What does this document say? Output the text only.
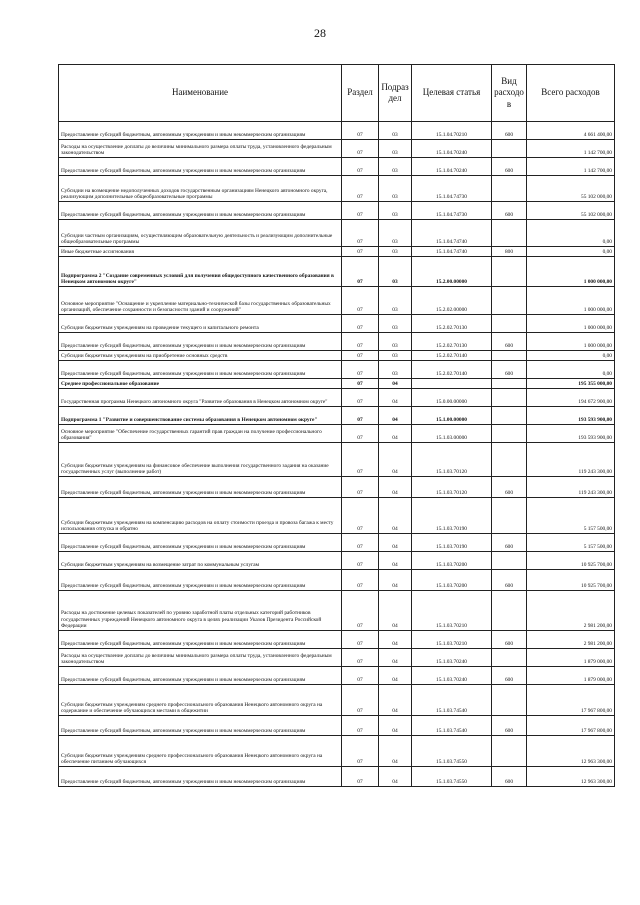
28
Наименование	Раздел	Подраз дел	Целевая статья	Вид расходо в	Всего расходов
Предоставление субсидий бюджетным, автономным учреждениям и иным некоммерческим организациям	07	03	15.1.04.70210	600	4 661 400,00
Расходы на осуществление доплаты до величины минимального размера оплаты труда, установленного федеральным законодательством	07	03	15.1.04.70240		1 142 700,00
Предоставление субсидий бюджетным, автономным учреждениям и иным некоммерческим организациям	07	03	15.1.04.70240	600	1 142 700,00
Субсидии на возмещение недополученных доходов государственным организациям Ненецкого автономного округа, реализующим дополнительные общеобразовательные программы	07	03	15.1.04.74730		55 102 000,00
Предоставление субсидий бюджетным, автономным учреждениям и иным некоммерческим организациям	07	03	15.1.04.74730	600	55 102 000,00
Субсидии частным организациям, осуществляющим образовательную деятельность и реализующим дополнительные общеобразовательные программы	07	03	15.1.04.74740		0,00
Иные бюджетные ассигнования	07	03	15.1.04.74740	800	0,00
Подпрограмма 2 "Создание современных условий для получения общедоступного качественного образования в Ненецком автономном округе"	07	03	15.2.00.00000		1 000 000,00
Основное мероприятие "Оснащение и укрепление материально-технической базы государственных образовательных организаций, обеспечение сохранности и безопасности зданий и сооружений"	07	03	15.2.02.00000		1 000 000,00
Субсидии бюджетным учреждениям на проведение текущего и капитального ремонта	07	03	15.2.02.70130		1 000 000,00
Предоставление субсидий бюджетным, автономным учреждениям и иным некоммерческим организациям	07	03	15.2.02.70130	600	1 000 000,00
Субсидии бюджетным учреждениям на приобретение основных средств	07	03	15.2.02.70140		0,00
Предоставление субсидий бюджетным, автономным учреждениям и иным некоммерческим организациям	07	03	15.2.02.70140	600	0,00
Среднее профессиональное образование	07	04			195 355 000,00
Государственная программа Ненецкого автономного округа "Развитие образования в Ненецком автономном округе"	07	04	15.0.00.00000		194 672 900,00
Подпрограмма 1 "Развитие и совершенствование системы образования в Ненецком автономном округе"	07	04	15.1.00.00000		193 593 900,00
Основное мероприятие "Обеспечение государственных гарантий прав граждан на получение профессионального образования"	07	04	15.1.03.00000		193 593 900,00
Субсидии бюджетным учреждениям на финансовое обеспечение выполнения государственного задания на оказание государственных услуг (выполнение работ)	07	04	15.1.03.70120		119 243 300,00
Предоставление субсидий бюджетным, автономным учреждениям и иным некоммерческим организациям	07	04	15.1.03.70120	600	119 243 300,00
Субсидии бюджетным учреждениям на компенсацию расходов на оплату стоимости проезда и провоза багажа к месту использования отпуска и обратно	07	04	15.1.03.70190		5 157 500,00
Предоставление субсидий бюджетным, автономным учреждениям и иным некоммерческим организациям	07	04	15.1.03.70190	600	5 157 500,00
Субсидии бюджетным учреждениям на возмещение затрат по коммунальным услугам	07	04	15.1.03.70200		10 925 700,00
Предоставление субсидий бюджетным, автономным учреждениям и иным некоммерческим организациям	07	04	15.1.03.70200	600	10 925 700,00
Расходы на достижение целевых показателей по уровню заработной платы отдельных категорий работников государственных учреждений Ненецкого автономного округа в целях реализации Указов Президента Российской Федерации	07	04	15.1.03.70210		2 981 200,00
Предоставление субсидий бюджетным, автономным учреждениям и иным некоммерческим организациям	07	04	15.1.03.70210	600	2 981 200,00
Расходы на осуществление доплаты до величины минимального размера оплаты труда, установленного федеральным законодательством	07	04	15.1.03.70240		1 879 000,00
Предоставление субсидий бюджетным, автономным учреждениям и иным некоммерческим организациям	07	04	15.1.03.70240	600	1 879 000,00
Субсидии бюджетным учреждениям среднего профессионального образования Ненецкого автономного округа на содержание и обеспечение обучающихся местами в общежитии	07	04	15.1.03.74540		17 967 800,00
Предоставление субсидий бюджетным, автономным учреждениям и иным некоммерческим организациям	07	04	15.1.03.74540	600	17 967 800,00
Субсидии бюджетным учреждениям среднего профессионального образования Ненецкого автономного округа на обеспечение питанием обучающихся	07	04	15.1.03.74550		12 963 300,00
Предоставление субсидий бюджетным, автономным учреждениям и иным некоммерческим организациям	07	04	15.1.03.74550	600	12 963 300,00
